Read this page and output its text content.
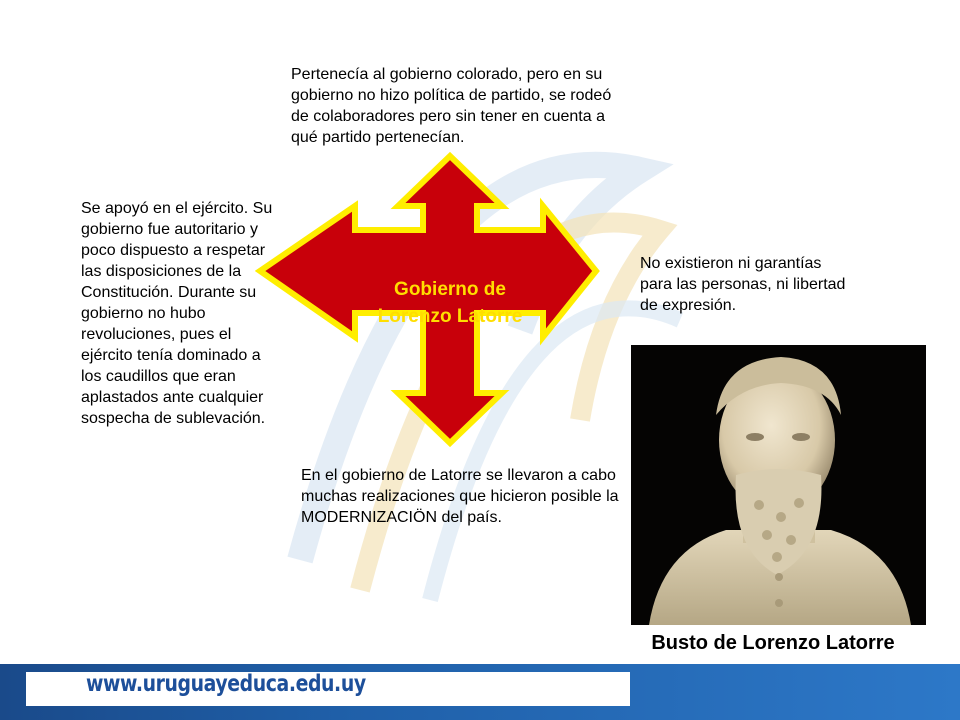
Gobierno de
Lorenzo Latorre
Pertenecía al gobierno colorado, pero en su gobierno no hizo política de partido, se rodeó de colaboradores pero sin tener en cuenta a qué partido pertenecían.
Se apoyó en el ejército. Su gobierno fue autoritario y poco dispuesto a respetar las disposiciones de la Constitución. Durante su gobierno no hubo revoluciones, pues el ejército tenía dominado a los caudillos que eran aplastados ante cualquier sospecha de sublevación.
No existieron ni garantías para las personas, ni libertad de expresión.
En el gobierno de Latorre se llevaron a cabo muchas realizaciones que hicieron posible la MODERNIZACIÖN del país.
Busto de Lorenzo Latorre
www.uruguayeduca.edu.uy
